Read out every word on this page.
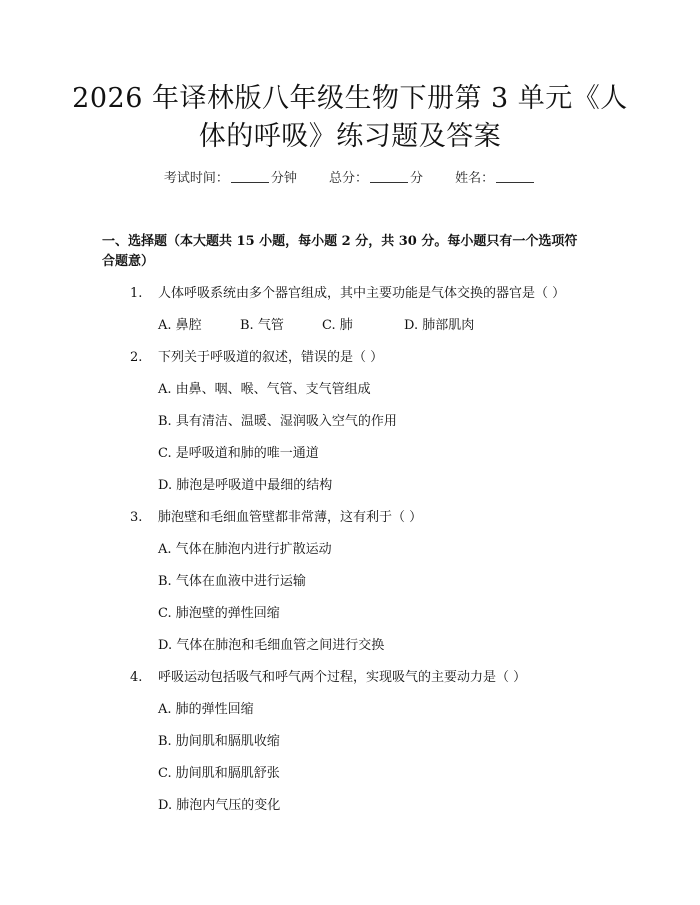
2026 年译林版八年级生物下册第 3 单元《人
体的呼吸》练习题及答案
考试时间：	分钟 总分：	分 姓名：
一、选择题（本大题共 15 小题，每小题 2 分，共 30 分。每小题只有一个选项符
合题意）
1. 人体呼吸系统由多个器官组成，其中主要功能是气体交换的器官是（ ）
A. 鼻腔	B. 气管	C. 肺	D. 肺部肌肉
2. 下列关于呼吸道的叙述，错误的是（ ）
A. 由鼻、咽、喉、气管、支气管组成
B. 具有清洁、温暖、湿润吸入空气的作用
C. 是呼吸道和肺的唯一通道
D. 肺泡是呼吸道中最细的结构
3. 肺泡壁和毛细血管壁都非常薄，这有利于（ ）
A. 气体在肺泡内进行扩散运动
B. 气体在血液中进行运输
C. 肺泡壁的弹性回缩
D. 气体在肺泡和毛细血管之间进行交换
4. 呼吸运动包括吸气和呼气两个过程，实现吸气的主要动力是（ ）
A. 肺的弹性回缩
B. 肋间肌和膈肌收缩
C. 肋间肌和膈肌舒张
D. 肺泡内气压的变化
